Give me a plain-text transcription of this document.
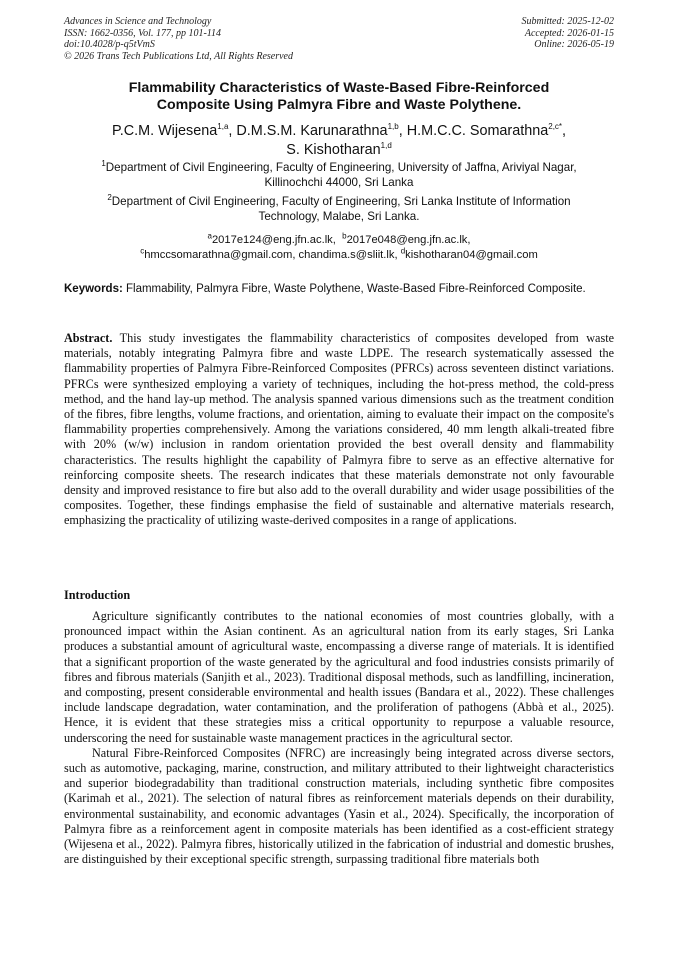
Advances in Science and Technology
ISSN: 1662-0356, Vol. 177, pp 101-114
doi:10.4028/p-q5tVmS
© 2026 Trans Tech Publications Ltd, All Rights Reserved
Submitted: 2025-12-02
Accepted: 2026-01-15
Online: 2026-05-19
Flammability Characteristics of Waste-Based Fibre-Reinforced
Composite Using Palmyra Fibre and Waste Polythene.
P.C.M. Wijesena$^{1,a}$, D.M.S.M. Karunarathna$^{1,b}$, H.M.C.C. Somarathna$^{2,c*}$,
S. Kishotharan$^{1,d}$
$^1$Department of Civil Engineering, Faculty of Engineering, University of Jaffna, Ariviyal Nagar,
Killinochchi 44000, Sri Lanka
$^2$Department of Civil Engineering, Faculty of Engineering, Sri Lanka Institute of Information
Technology, Malabe, Sri Lanka.
$^a$2017e124@eng.jfn.ac.lk, $^b$2017e048@eng.jfn.ac.lk,
$^c$hmccsomarathna@gmail.com, chandima.s@sliit.lk, $^d$kishotharan04@gmail.com
Keywords: Flammability, Palmyra Fibre, Waste Polythene, Waste-Based Fibre-Reinforced Composite.
Abstract. This study investigates the flammability characteristics of composites developed from waste materials, notably integrating Palmyra fibre and waste LDPE. The research systematically assessed the flammability properties of Palmyra Fibre-Reinforced Composites (PFRCs) across seventeen distinct variations. PFRCs were synthesized employing a variety of techniques, including the hot-press method, the cold-press method, and the hand lay-up method. The analysis spanned various dimensions such as the treatment condition of the fibres, fibre lengths, volume fractions, and orientation, aiming to evaluate their impact on the composite's flammability properties comprehensively. Among the variations considered, 40 mm length alkali-treated fibre with 20% (w/w) inclusion in random orientation provided the best overall density and flammability characteristics. The results highlight the capability of Palmyra fibre to serve as an effective alternative for reinforcing composite sheets. The research indicates that these materials demonstrate not only favourable density and improved resistance to fire but also add to the overall durability and wider usage possibilities of the composites. Together, these findings emphasise the field of sustainable and alternative materials research, emphasizing the practicality of utilizing waste-derived composites in a range of applications.
Introduction

Agriculture significantly contributes to the national economies of most countries globally, with a pronounced impact within the Asian continent. As an agricultural nation from its early stages, Sri Lanka produces a substantial amount of agricultural waste, encompassing a diverse range of materials. It is identified that a significant proportion of the waste generated by the agricultural and food industries consists primarily of fibres and fibrous materials (Sanjith et al., 2023). Traditional disposal methods, such as landfilling, incineration, and composting, present considerable environmental and health issues (Bandara et al., 2022). These challenges include landscape degradation, water contamination, and the proliferation of pathogens (Abbà et al., 2025). Hence, it is evident that these strategies miss a critical opportunity to repurpose a valuable resource, underscoring the need for sustainable waste management practices in the agricultural sector.

Natural Fibre-Reinforced Composites (NFRC) are increasingly being integrated across diverse sectors, such as automotive, packaging, marine, construction, and military attributed to their lightweight characteristics and superior biodegradability than traditional construction materials, including synthetic fibre composites (Karimah et al., 2021). The selection of natural fibres as reinforcement materials depends on their durability, environmental sustainability, and economic advantages (Yasin et al., 2024). Specifically, the incorporation of Palmyra fibre as a reinforcement agent in composite materials has been identified as a cost-efficient strategy (Wijesena et al., 2022). Palmyra fibres, historically utilized in the fabrication of industrial and domestic brushes, are distinguished by their exceptional specific strength, surpassing traditional fibre materials both
